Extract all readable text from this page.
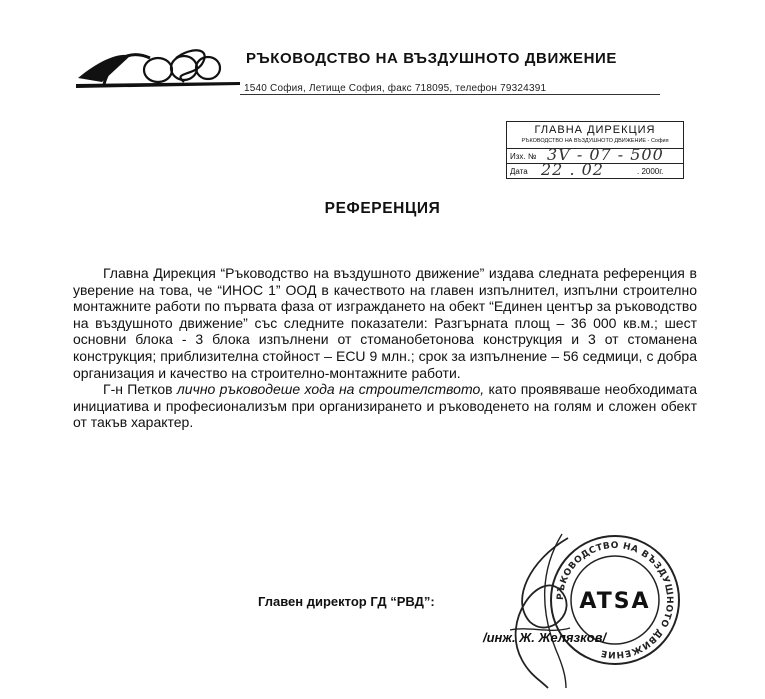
РЪКОВОДСТВО НА ВЪЗДУШНОТО ДВИЖЕНИЕ
1540 София, Летище София, факс 718095, телефон 79324391
ГЛАВНА ДИРЕКЦИЯ
РЪКОВОДСТВО НА ВЪЗДУШНОТО ДВИЖЕНИЕ - София
Изх. № 3V - 07 - 500
Дата 22 . 02	. 2000г.
РЕФЕРЕНЦИЯ

Главна Дирекция “Ръководство на въздушното движение” издава следната референция в уверение на това, че “ИНОС 1” ООД в качеството на главен изпълнител, изпълни строително монтажните работи по първата фаза от изграждането на обект “Единен център за ръководство на въздушното движение” със следните показатели: Разгърната площ – 36 000 кв.м.; шест основни блока - 3 блока изпълнени от стоманобетонова конструкция и 3 от стоманена конструкция; приблизителна стойност – ECU 9 млн.; срок за изпълнение – 56 седмици, с добра организация и качество на строително-монтажните работи.

Г-н Петков лично ръководеше хода на строителството, като проявяваше необходимата инициатива и професионализъм при организирането и ръководенето на голям и сложен обект от такъв характер.

РЪКОВОДСТВО НА ВЪЗДУШНОТО ДВИЖЕНИЕ
ATSA
Главен директор ГД “РВД”:
/инж. Ж. Желязков/
